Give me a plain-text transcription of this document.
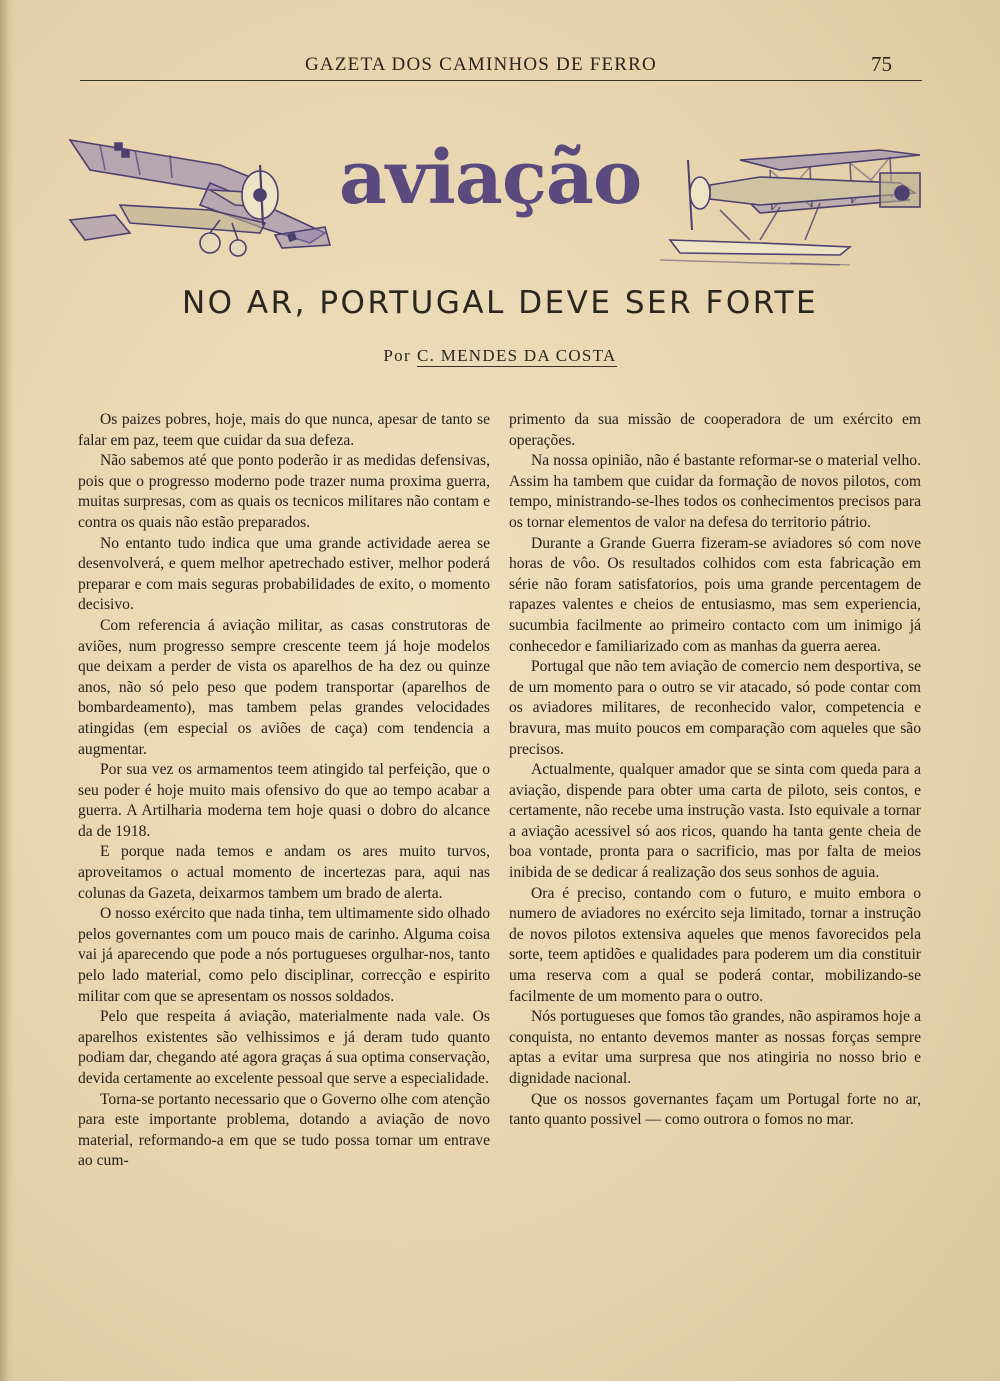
GAZETA DOS CAMINHOS DE FERRO	75
aviação
NO AR, PORTUGAL DEVE SER FORTE
Por C. MENDES DA COSTA

Os paizes pobres, hoje, mais do que nunca, apesar de tanto se falar em paz, teem que cuidar da sua defeza.

Não sabemos até que ponto poderão ir as medidas defensivas, pois que o progresso moderno pode trazer numa proxima guerra, muitas surpresas, com as quais os tecnicos militares não contam e contra os quais não estão preparados.

No entanto tudo indica que uma grande actividade aerea se desenvolverá, e quem melhor apetrechado estiver, melhor poderá preparar e com mais seguras probabilidades de exito, o momento decisivo.

Com referencia á aviação militar, as casas construtoras de aviões, num progresso sempre crescente teem já hoje modelos que deixam a perder de vista os aparelhos de ha dez ou quinze anos, não só pelo peso que podem transportar (aparelhos de bombardeamento), mas tambem pelas grandes velocidades atingidas (em especial os aviões de caça) com tendencia a augmentar.

Por sua vez os armamentos teem atingido tal perfeição, que o seu poder é hoje muito mais ofensivo do que ao tempo acabar a guerra. A Artilharia moderna tem hoje quasi o dobro do alcance da de 1918.

E porque nada temos e andam os ares muito turvos, aproveitamos o actual momento de incertezas para, aqui nas colunas da Gazeta, deixarmos tambem um brado de alerta.

O nosso exército que nada tinha, tem ultimamente sido olhado pelos governantes com um pouco mais de carinho. Alguma coisa vai já aparecendo que pode a nós portugueses orgulhar-nos, tanto pelo lado material, como pelo disciplinar, correcção e espirito militar com que se apresentam os nossos soldados.

Pelo que respeita á aviação, materialmente nada vale. Os aparelhos existentes são velhissimos e já deram tudo quanto podiam dar, chegando até agora graças á sua optima conservação, devida certamente ao excelente pessoal que serve a especialidade.

Torna-se portanto necessario que o Governo olhe com atenção para este importante problema, dotando a aviação de novo material, reformando-a em que se tudo possa tornar um entrave ao cum-

primento da sua missão de cooperadora de um exército em operações.

Na nossa opinião, não é bastante reformar-se o material velho. Assim ha tambem que cuidar da formação de novos pilotos, com tempo, ministrando-se-lhes todos os conhecimentos precisos para os tornar elementos de valor na defesa do territorio pátrio.

Durante a Grande Guerra fizeram-se aviadores só com nove horas de vôo. Os resultados colhidos com esta fabricação em série não foram satisfatorios, pois uma grande percentagem de rapazes valentes e cheios de entusiasmo, mas sem experiencia, sucumbia facilmente ao primeiro contacto com um inimigo já conhecedor e familiarizado com as manhas da guerra aerea.

Portugal que não tem aviação de comercio nem desportiva, se de um momento para o outro se vir atacado, só pode contar com os aviadores militares, de reconhecido valor, competencia e bravura, mas muito poucos em comparação com aqueles que são precisos.

Actualmente, qualquer amador que se sinta com queda para a aviação, dispende para obter uma carta de piloto, seis contos, e certamente, não recebe uma instrução vasta. Isto equivale a tornar a aviação acessivel só aos ricos, quando ha tanta gente cheia de boa vontade, pronta para o sacrificio, mas por falta de meios inibida de se dedicar á realização dos seus sonhos de aguia.

Ora é preciso, contando com o futuro, e muito embora o numero de aviadores no exército seja limitado, tornar a instrução de novos pilotos extensiva aqueles que menos favorecidos pela sorte, teem aptidões e qualidades para poderem um dia constituir uma reserva com a qual se poderá contar, mobilizando-se facilmente de um momento para o outro.

Nós portugueses que fomos tão grandes, não aspiramos hoje a conquista, no entanto devemos manter as nossas forças sempre aptas a evitar uma surpresa que nos atingiria no nosso brio e dignidade nacional.

Que os nossos governantes façam um Portugal forte no ar, tanto quanto possivel — como outrora o fomos no mar.
